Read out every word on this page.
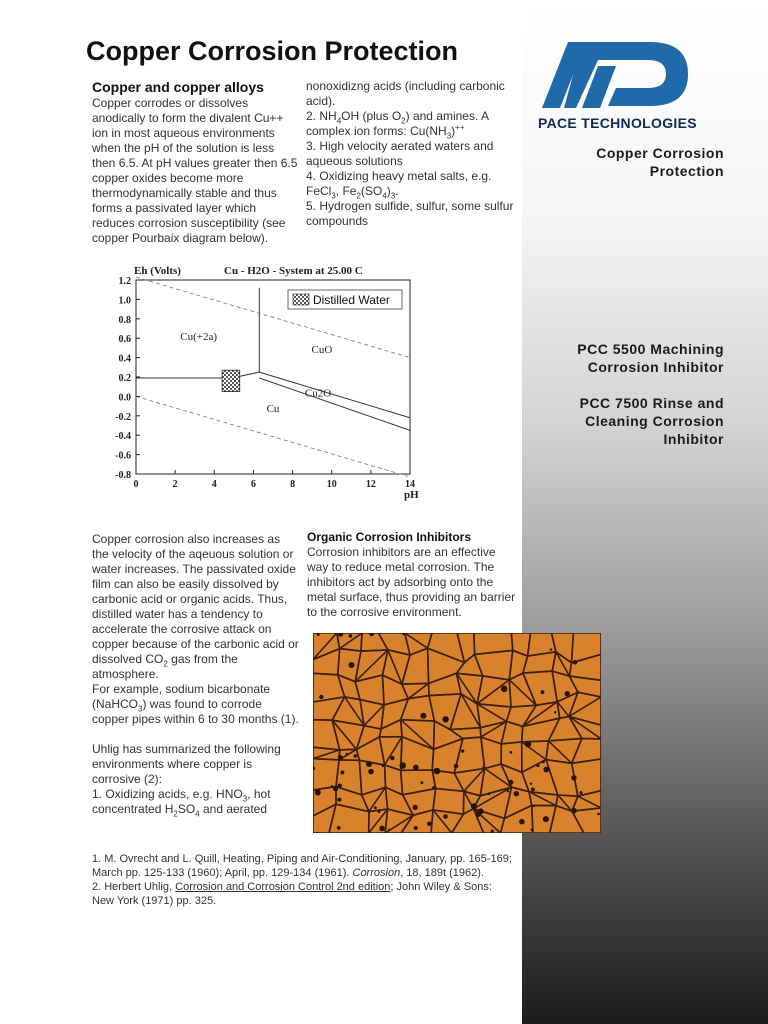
Copper Corrosion Protection
Copper and copper alloys

Copper corrodes or dissolves anodically to form the divalent Cu++ ion in most aqueous environments when the pH of the solution is less then 6.5. At pH values greater then 6.5 copper oxides become more thermodynamically stable and thus forms a passivated layer which reduces corrosion susceptibility (see copper Pourbaix diagram below).

nonoxidizng acids (including carbonic acid).

2. $NH_4OH$ (plus $O_2$) and amines. A complex ion forms: $Cu(NH_3)^{++}$

3. High velocity aerated waters and aqueous solutions

4. Oxidizing heavy metal salts, e.g. FeCl$_3$, $Fe_2(SO_4)_3$.

5. Hydrogen sulfide, sulfur, some sulfur compounds

PACE TECHNOLOGIES
Copper Corrosion
Protection
PCC 5500 Machining
Corrosion Inhibitor
PCC 7500 Rinse and
Cleaning Corrosion
Inhibitor
0	2	4	6	8	10	12	14
1.2
1.0
0.8
0.6
0.4
0.2
0.0
-0.2
-0.4
-0.6
-0.8
Cu(+2a)
CuO
Cu2O
Cu
Eh (Volts)	Cu - H2O - System at 25.00 C
pH
Distilled Water

Copper corrosion also increases as the velocity of the aqeuous solution or water increases. The passivated oxide film can also be easily dissolved by carbonic acid or organic acids. Thus, distilled water has a tendency to accelerate the corrosive attack on copper because of the carbonic acid or dissolved $CO_2$ gas from the atmosphere.

For example, sodium bicarbonate (NaHCO$_3$) was found to corrode copper pipes within 6 to 30 months (1).

Uhlig has summarized the following environments where copper is corrosive (2):

1. Oxidizing acids, e.g. $HNO_3$, hot concentrated $H_2SO_4$ and aerated

Organic Corrosion Inhibitors

Corrosion inhibitors are an effective way to reduce metal corrosion. The inhibitors act by adsorbing onto the metal surface, thus providing an barrier to the corrosive environment.

1. M. Ovrecht and L. Quill, Heating, Piping and Air-Conditioning, January, pp. 165-169; March pp. 125-133 (1960); April, pp. 129-134 (1961). Corrosion, 18, 189t (1962).

2. Herbert Uhlig, Corrosion and Corrosion Control 2nd edition; John Wiley & Sons: New York (1971) pp. 325.
